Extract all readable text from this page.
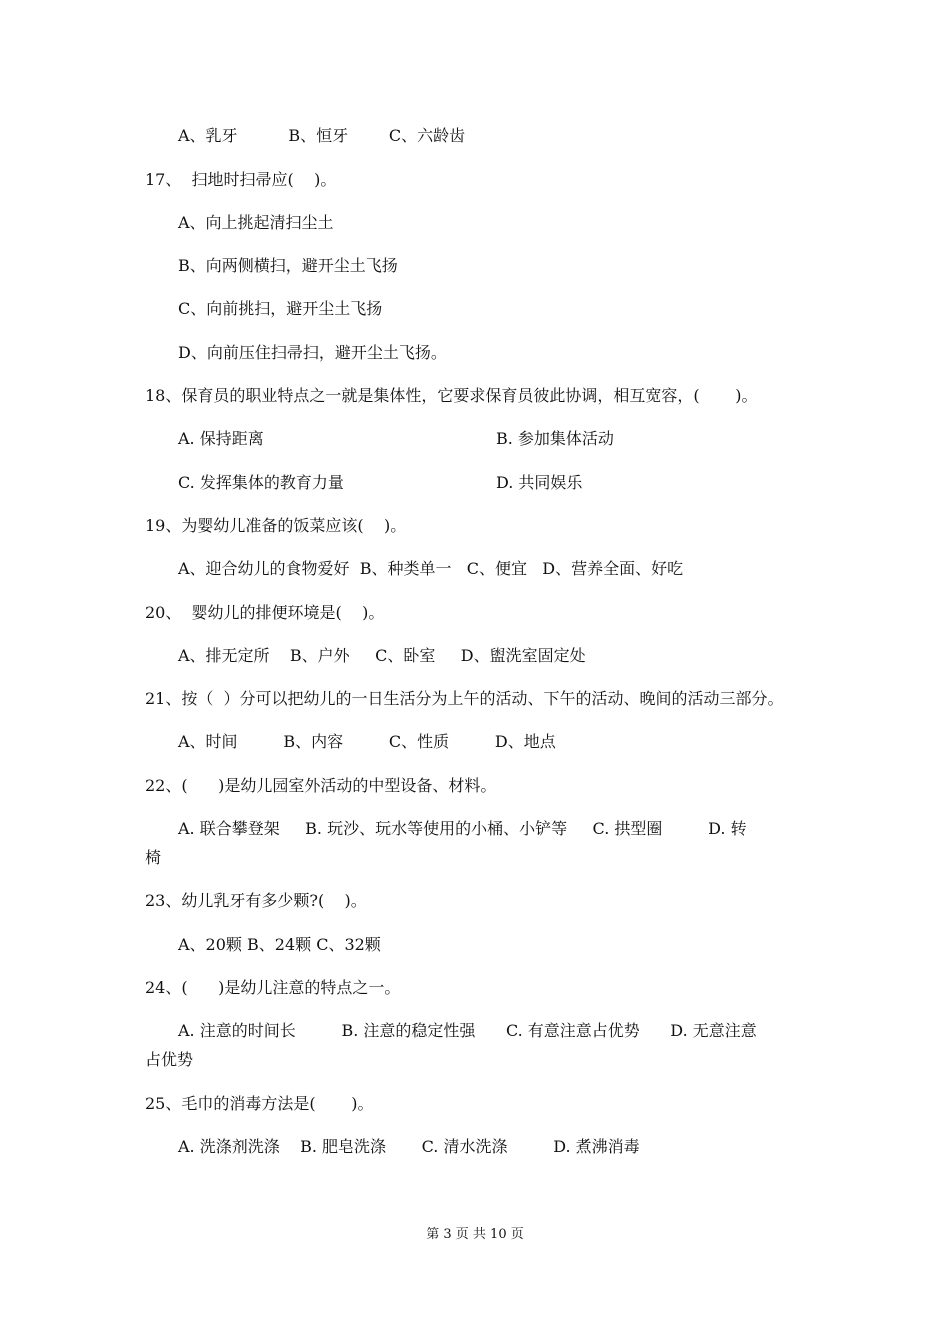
A、乳牙          B、恒牙        C、六龄齿
17、  扫地时扫帚应(    )。
A、向上挑起清扫尘土
B、向两侧横扫，避开尘土飞扬
C、向前挑扫，避开尘土飞扬
D、向前压住扫帚扫，避开尘土飞扬。
18、保育员的职业特点之一就是集体性，它要求保育员彼此协调，相互宽容，(       )。
A. 保持距离	B. 参加集体活动
C. 发挥集体的教育力量	D. 共同娱乐
19、为婴幼儿准备的饭菜应该(    )。
A、迎合幼儿的食物爱好  B、种类单一   C、便宜   D、营养全面、好吃
20、  婴幼儿的排便环境是(    )。
A、排无定所    B、户外     C、卧室     D、盥洗室固定处
21、按（  ）分可以把幼儿的一日生活分为上午的活动、下午的活动、晚间的活动三部分。
A、时间         B、内容         C、性质         D、地点
22、(      )是幼儿园室外活动的中型设备、材料。
A. 联合攀登架     B. 玩沙、玩水等使用的小桶、小铲等     C. 拱型圈         D. 转
椅
23、幼儿乳牙有多少颗?(    )。
A、20颗 B、24颗 C、32颗
24、(      )是幼儿注意的特点之一。
A. 注意的时间长         B. 注意的稳定性强      C. 有意注意占优势      D. 无意注意
占优势
25、毛巾的消毒方法是(       )。
A. 洗涤剂洗涤    B. 肥皂洗涤       C. 清水洗涤         D. 煮沸消毒
第 3 页 共 10 页
